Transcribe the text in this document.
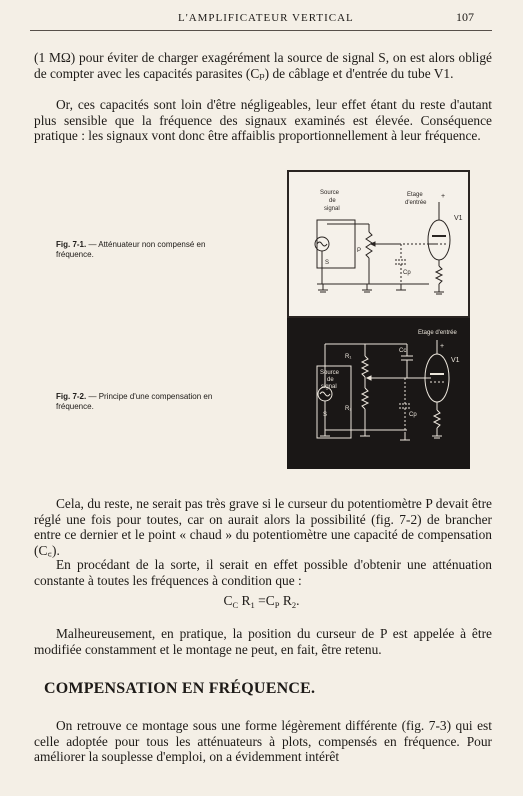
L'AMPLIFICATEUR VERTICAL	107

(1 MΩ) pour éviter de charger exagérément la source de signal S, on est alors obligé de compter avec les capacités parasites (Cₚ) de câblage et d'entrée du tube V1.

Or, ces capacités sont loin d'être négligeables, leur effet étant du reste d'autant plus sensible que la fréquence des signaux examinés est élevée. Conséquence pratique : les signaux vont donc être affaiblis proportionnellement à leur fréquence.

Fig. 7-1. — Atténuateur non compensé en fréquence.

Source
de
signal
S
P
Cp
Etage
d'entrée
V1
+

Fig. 7-2. — Principe d'une compensation en fréquence.

Etage d'entrée
+
V1
R₁
R₂
Cc
Cp
Source
de
signal
S

Cela, du reste, ne serait pas très grave si le curseur du potentiomètre P devait être réglé une fois pour toutes, car on aurait alors la possibilité (fig. 7-2) de brancher entre ce dernier et le point « chaud » du potentiomètre une capacité de compensation (C꜀).

En procédant de la sorte, il serait en effet possible d'obtenir une atténuation constante à toutes les fréquences à condition que :

$C_C$ $R_1 =C_P$ $R_2$.

Malheureusement, en pratique, la position du curseur de P est appelée à être modifiée constamment et le montage ne peut, en fait, être retenu.

COMPENSATION EN FRÉQUENCE.

On retrouve ce montage sous une forme légèrement différente (fig. 7-3) qui est celle adoptée pour tous les atténuateurs à plots, compensés en fréquence. Pour améliorer la souplesse d'emploi, on a évidemment intérêt
